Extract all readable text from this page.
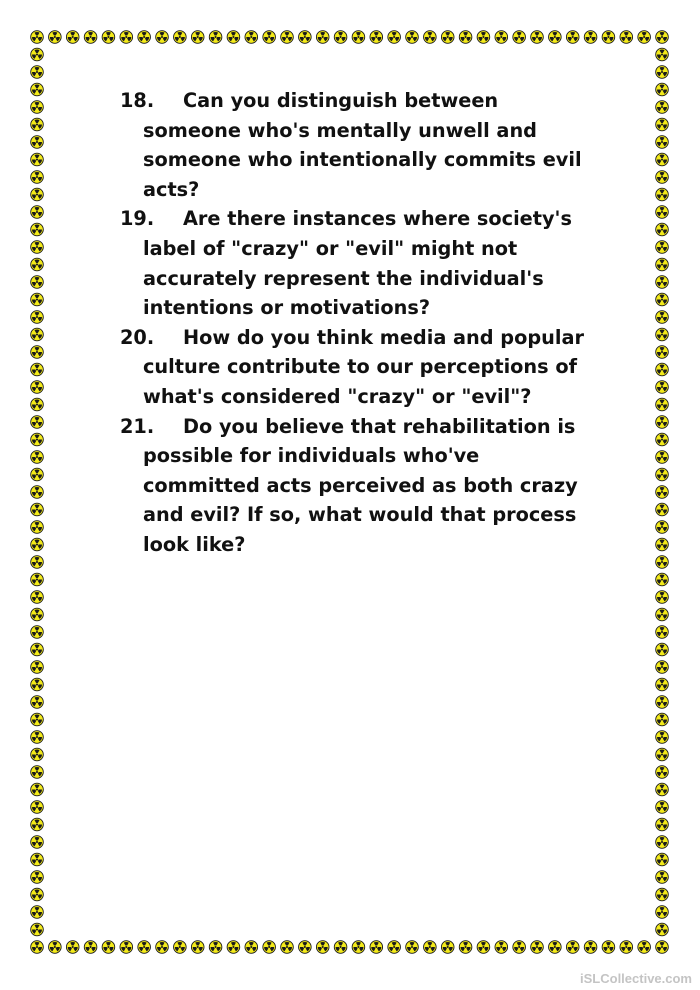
18.	Can you distinguish between someone who's mentally unwell and someone who intentionally commits evil acts?
19.	Are there instances where society's label of "crazy" or "evil" might not accurately represent the individual's intentions or motivations?
20.	How do you think media and popular culture contribute to our perceptions of what's considered "crazy" or "evil"?
21.	Do you believe that rehabilitation is possible for individuals who've committed acts perceived as both crazy and evil? If so, what would that process look like?
iSLCollective.com
